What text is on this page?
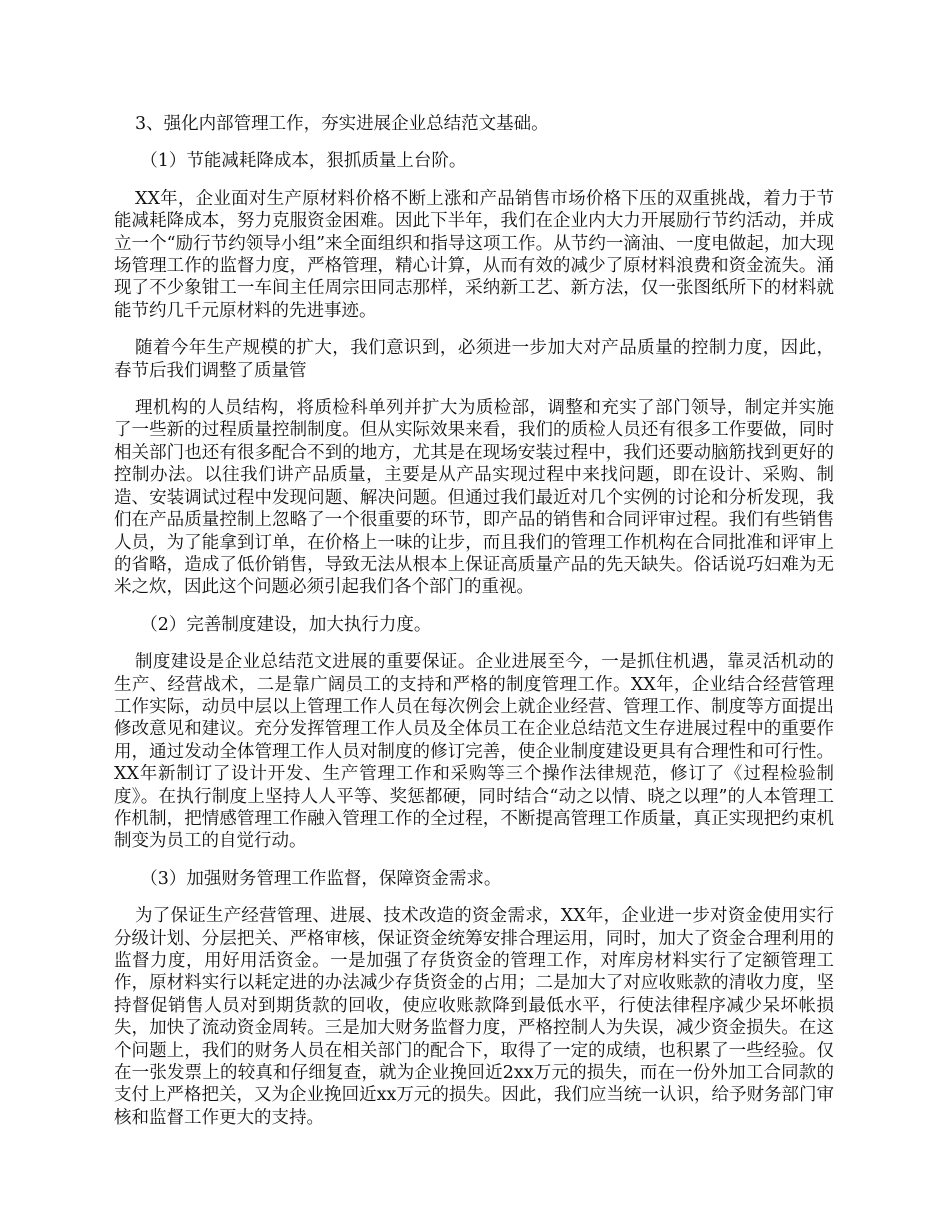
3、强化内部管理工作，夯实进展企业总结范文基础。

（1）节能减耗降成本，狠抓质量上台阶。

XX年，企业面对生产原材料价格不断上涨和产品销售市场价格下压的双重挑战，着力于节能减耗降成本，努力克服资金困难。因此下半年，我们在企业内大力开展励行节约活动，并成立一个“励行节约领导小组”来全面组织和指导这项工作。从节约一滴油、一度电做起，加大现场管理工作的监督力度，严格管理，精心计算，从而有效的减少了原材料浪费和资金流失。涌现了不少象钳工一车间主任周宗田同志那样，采纳新工艺、新方法，仅一张图纸所下的材料就能节约几千元原材料的先进事迹。

随着今年生产规模的扩大，我们意识到，必须进一步加大对产品质量的控制力度，因此，春节后我们调整了质量管

理机构的人员结构，将质检科单列并扩大为质检部，调整和充实了部门领导，制定并实施了一些新的过程质量控制制度。但从实际效果来看，我们的质检人员还有很多工作要做，同时相关部门也还有很多配合不到的地方，尤其是在现场安装过程中，我们还要动脑筋找到更好的控制办法。以往我们讲产品质量，主要是从产品实现过程中来找问题，即在设计、采购、制造、安装调试过程中发现问题、解决问题。但通过我们最近对几个实例的讨论和分析发现，我们在产品质量控制上忽略了一个很重要的环节，即产品的销售和合同评审过程。我们有些销售人员，为了能拿到订单，在价格上一味的让步，而且我们的管理工作机构在合同批准和评审上的省略，造成了低价销售，导致无法从根本上保证高质量产品的先天缺失。俗话说巧妇难为无米之炊，因此这个问题必须引起我们各个部门的重视。

（2）完善制度建设，加大执行力度。

制度建设是企业总结范文进展的重要保证。企业进展至今，一是抓住机遇，靠灵活机动的生产、经营战术，二是靠广阔员工的支持和严格的制度管理工作。XX年，企业结合经营管理工作实际，动员中层以上管理工作人员在每次例会上就企业经营、管理工作、制度等方面提出修改意见和建议。充分发挥管理工作人员及全体员工在企业总结范文生存进展过程中的重要作用，通过发动全体管理工作人员对制度的修订完善，使企业制度建设更具有合理性和可行性。XX年新制订了设计开发、生产管理工作和采购等三个操作法律规范，修订了《过程检验制度》。在执行制度上坚持人人平等、奖惩都硬，同时结合“动之以情、晓之以理”的人本管理工作机制，把情感管理工作融入管理工作的全过程，不断提高管理工作质量，真正实现把约束机制变为员工的自觉行动。

（3）加强财务管理工作监督，保障资金需求。

为了保证生产经营管理、进展、技术改造的资金需求，XX年，企业进一步对资金使用实行分级计划、分层把关、严格审核，保证资金统筹安排合理运用，同时，加大了资金合理利用的监督力度，用好用活资金。一是加强了存货资金的管理工作，对库房材料实行了定额管理工作，原材料实行以耗定进的办法减少存货资金的占用；二是加大了对应收账款的清收力度，坚持督促销售人员对到期货款的回收，使应收账款降到最低水平，行使法律程序减少呆坏帐损失，加快了流动资金周转。三是加大财务监督力度，严格控制人为失误，减少资金损失。在这个问题上，我们的财务人员在相关部门的配合下，取得了一定的成绩，也积累了一些经验。仅在一张发票上的较真和仔细复查，就为企业挽回近2xx万元的损失，而在一份外加工合同款的支付上严格把关，又为企业挽回近xx万元的损失。因此，我们应当统一认识，给予财务部门审核和监督工作更大的支持。
